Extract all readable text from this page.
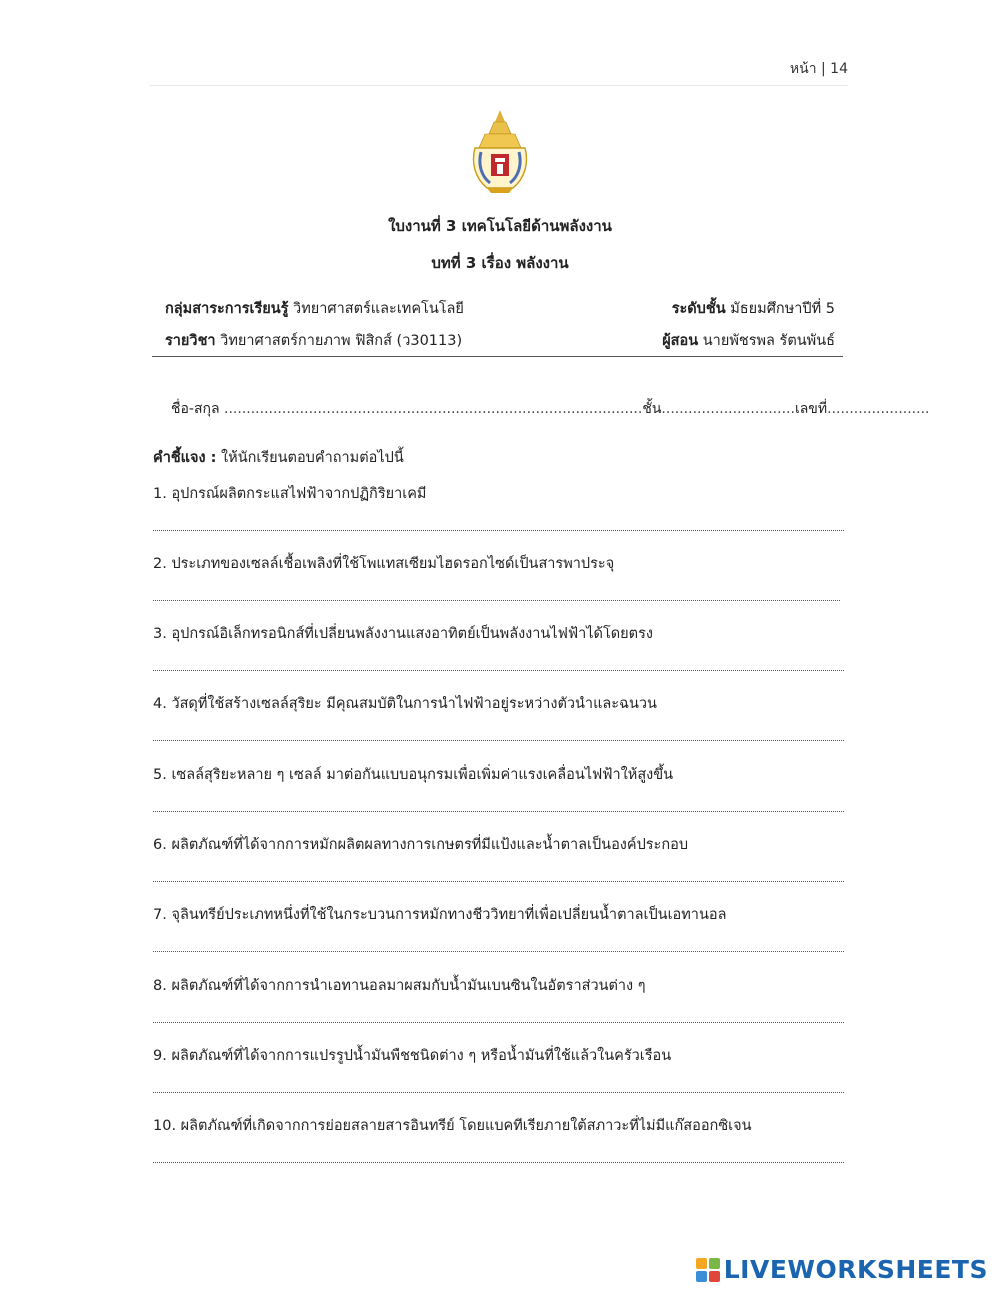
หน้า | 14
ใบงานที่ 3 เทคโนโลยีด้านพลังงาน
บทที่ 3 เรื่อง พลังงาน
กลุ่มสาระการเรียนรู้ วิทยาศาสตร์และเทคโนโลยี	ระดับชั้น มัธยมศึกษาปีที่ 5
รายวิชา วิทยาศาสตร์กายภาพ ฟิสิกส์ (ว30113)	ผู้สอน นายพัชรพล รัตนพันธ์
ชื่อ-สกุล ..............................................................................................ชั้น..............................เลขที่.......................
คำชี้แจง : ให้นักเรียนตอบคำถามต่อไปนี้
1. อุปกรณ์ผลิตกระแสไฟฟ้าจากปฏิกิริยาเคมี
2. ประเภทของเซลล์เชื้อเพลิงที่ใช้โพแทสเซียมไฮดรอกไซด์เป็นสารพาประจุ
3. อุปกรณ์อิเล็กทรอนิกส์ที่เปลี่ยนพลังงานแสงอาทิตย์เป็นพลังงานไฟฟ้าได้โดยตรง
4. วัสดุที่ใช้สร้างเซลล์สุริยะ มีคุณสมบัติในการนำไฟฟ้าอยู่ระหว่างตัวนำและฉนวน
5. เซลล์สุริยะหลาย ๆ เซลล์ มาต่อกันแบบอนุกรมเพื่อเพิ่มค่าแรงเคลื่อนไฟฟ้าให้สูงขึ้น
6. ผลิตภัณฑ์ที่ได้จากการหมักผลิตผลทางการเกษตรที่มีแป้งและน้ำตาลเป็นองค์ประกอบ
7. จุลินทรีย์ประเภทหนึ่งที่ใช้ในกระบวนการหมักทางชีววิทยาที่เพื่อเปลี่ยนน้ำตาลเป็นเอทานอล
8. ผลิตภัณฑ์ที่ได้จากการนำเอทานอลมาผสมกับน้ำมันเบนซินในอัตราส่วนต่าง ๆ
9. ผลิตภัณฑ์ที่ได้จากการแปรรูปน้ำมันพืชชนิดต่าง ๆ หรือน้ำมันที่ใช้แล้วในครัวเรือน
10. ผลิตภัณฑ์ที่เกิดจากการย่อยสลายสารอินทรีย์ โดยแบคทีเรียภายใต้สภาวะที่ไม่มีแก๊สออกซิเจน
LIVEWORKSHEETS
